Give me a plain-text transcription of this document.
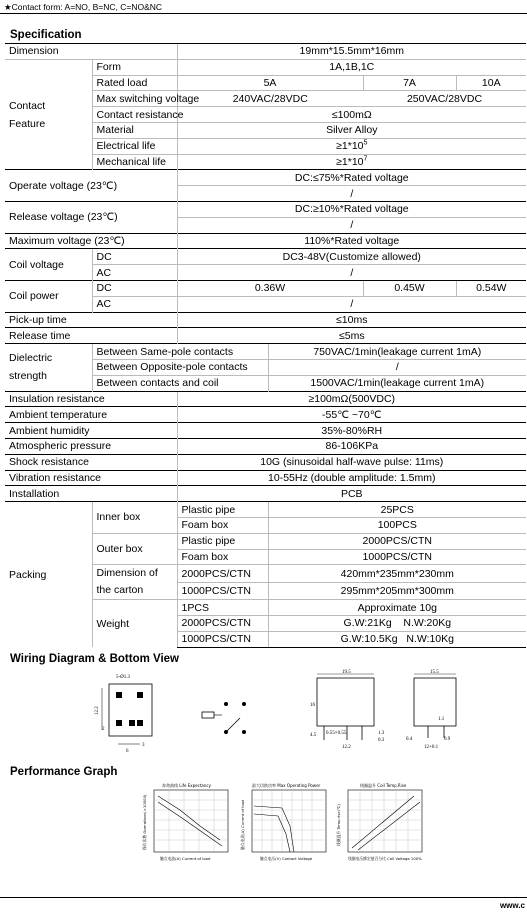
★Contact form: A=NO, B=NC, C=NO&NC
Specification
Dimension		19mm*15.5mm*16mm			
Contact
Feature	Form	1A,1B,1C			
	Rated load	5A		7A	10A
	Max switching voltage	240VAC/28VDC		250VAC/28VDC	
	Contact resistance	≤100mΩ			
	Material	Silver Alloy			
	Electrical life	$\ge 1*10^5$
	Mechanical life	$\ge 1*10^7$
Operate voltage (23℃)		DC:≤75%*Rated voltage			
		/			
Release voltage (23℃)		DC:≥10%*Rated voltage			
		/			
Maximum voltage (23℃)		110%*Rated voltage			
Coil voltage	DC	DC3-48V(Customize allowed)			
	AC	/			
Coil power	DC	0.36W		0.45W	0.54W
	AC	/			
Pick-up time		≤10ms			
Release time		≤5ms			
Dielectric
strength	Between Same-pole contacts		750VAC/1min(leakage current 1mA)		
	Between Opposite-pole contacts		/		
	Between contacts and coil		1500VAC/1min(leakage current 1mA)		
Insulation resistance		≥100mΩ(500VDC)			
Ambient temperature		-55℃ ~70℃			
Ambient humidity		35%-80%RH			
Atmospheric pressure		86-106KPa			
Shock resistance		10G (sinusoidal half-wave pulse: 11ms)			
Vibration resistance		10-55Hz (double amplitude: 1.5mm)			
Installation		PCB			
Packing	Inner box	Plastic pipe	25PCS		
		Foam box	100PCS		
	Outer box	Plastic pipe	2000PCS/CTN		
		Foam box	1000PCS/CTN		
	Dimension of
the carton	2000PCS/CTN	420mm*235mm*230mm		
		1000PCS/CTN	295mm*205mm*300mm		
	Weight	1PCS	Approximate 10g		
		2000PCS/CTN	G.W:21Kg    N.W:20Kg		
		1000PCS/CTN	G.W:10.5Kg   N.W:10Kg		
Wiring Diagram & Bottom View
5-Ø1.3
12.2
2
6
3
19.5
16
0.55×0.55	1.3
0.3
4.5
12.2
15.5
1.1
0.4	0.9
12+0.1
Performance Graph
寿命曲线 Life Expectancy
操作次数 Operations(×10000)
触点电流(A) Current of load
最大切换功率 Max Operating Power
触点电流(A) Current of load
触点电压(V) Contact Voltage
线圈温升 Coil Temp.Rise
线圈温升 Temp.rise(℃)
线圈电压额定值百分比 Coil Voltage 100%
www.c
